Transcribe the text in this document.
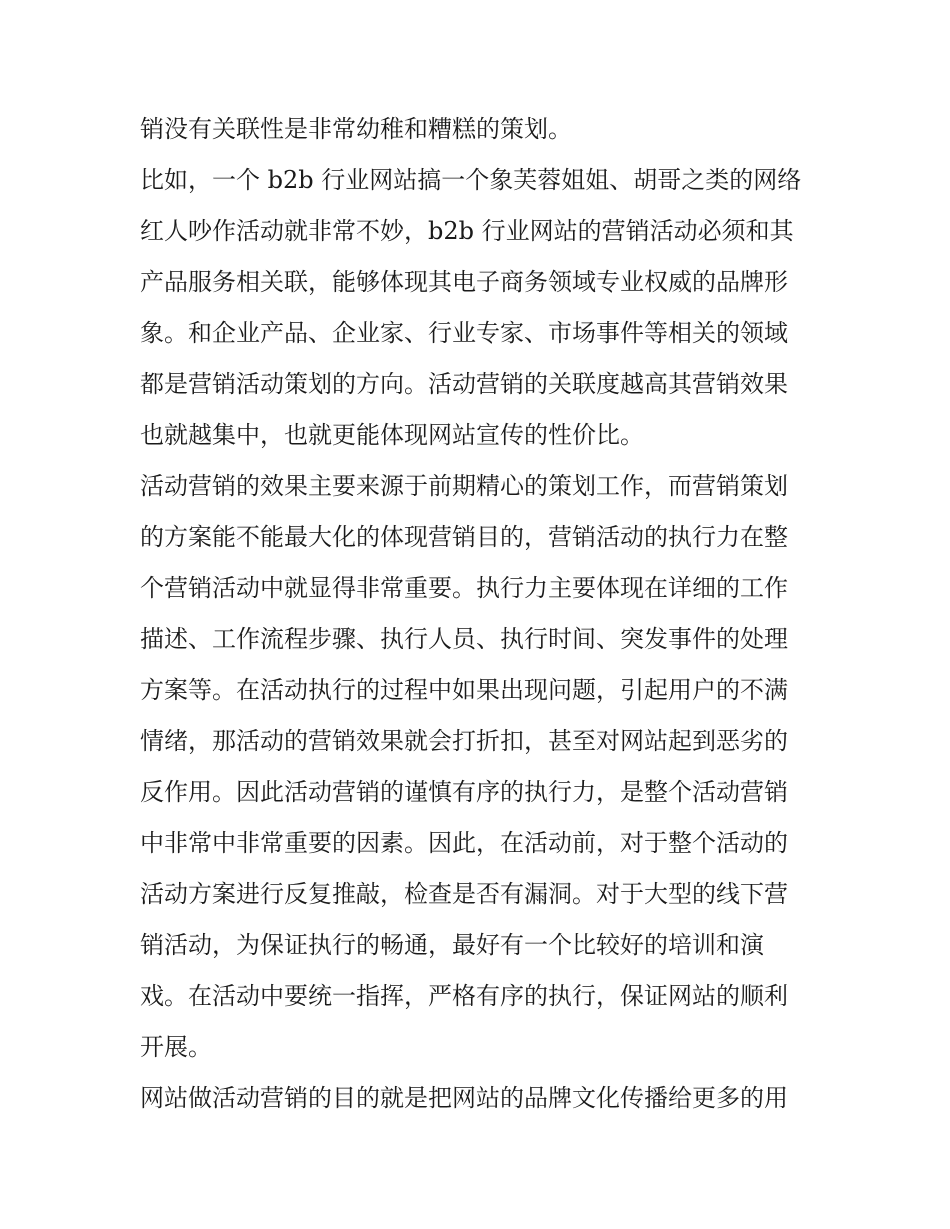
销没有关联性是非常幼稚和糟糕的策划。
比如，一个 b2b 行业网站搞一个象芙蓉姐姐、胡哥之类的网络
红人吵作活动就非常不妙，b2b 行业网站的营销活动必须和其
产品服务相关联，能够体现其电子商务领域专业权威的品牌形
象。和企业产品、企业家、行业专家、市场事件等相关的领域
都是营销活动策划的方向。活动营销的关联度越高其营销效果
也就越集中，也就更能体现网站宣传的性价比。
活动营销的效果主要来源于前期精心的策划工作，而营销策划
的方案能不能最大化的体现营销目的，营销活动的执行力在整
个营销活动中就显得非常重要。执行力主要体现在详细的工作
描述、工作流程步骤、执行人员、执行时间、突发事件的处理
方案等。在活动执行的过程中如果出现问题，引起用户的不满
情绪，那活动的营销效果就会打折扣，甚至对网站起到恶劣的
反作用。因此活动营销的谨慎有序的执行力，是整个活动营销
中非常中非常重要的因素。因此，在活动前，对于整个活动的
活动方案进行反复推敲，检查是否有漏洞。对于大型的线下营
销活动，为保证执行的畅通，最好有一个比较好的培训和演
戏。在活动中要统一指挥，严格有序的执行，保证网站的顺利
开展。
网站做活动营销的目的就是把网站的品牌文化传播给更多的用
